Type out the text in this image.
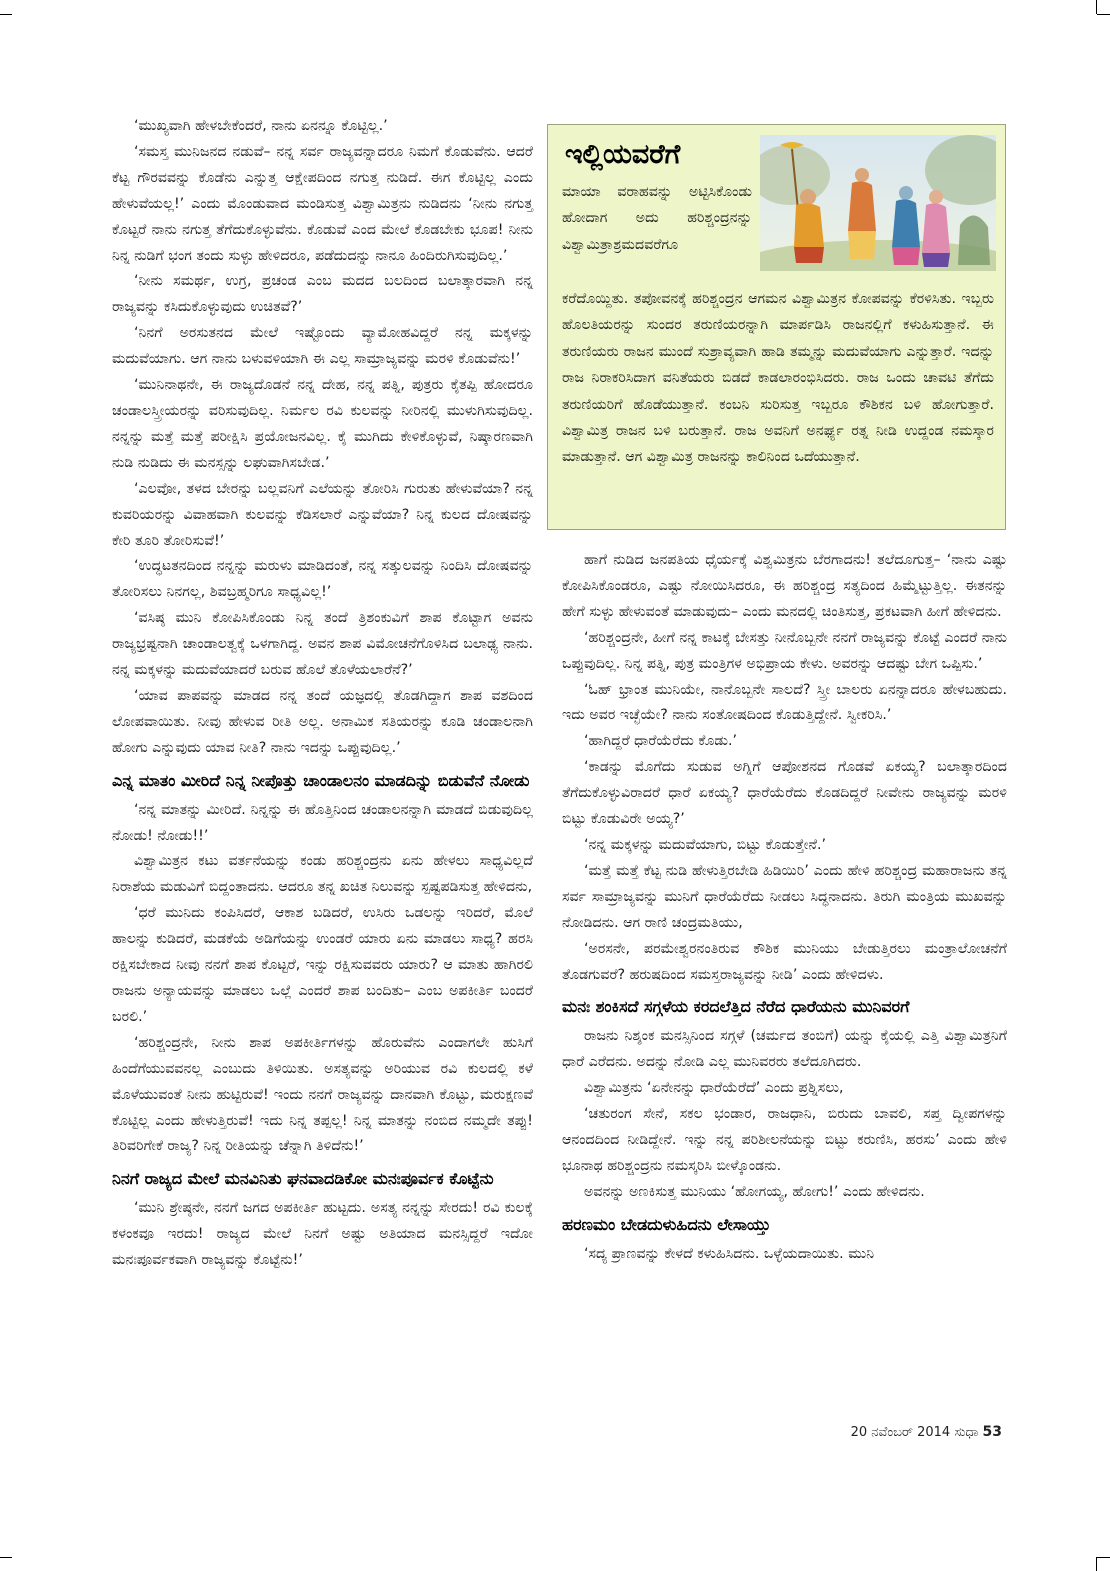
‘ಮುಖ್ಯವಾಗಿ ಹೇಳಬೇಕೆಂದರೆ, ನಾನು ಏನನ್ನೂ ಕೊಟ್ಟಿಲ್ಲ.’

‘ಸಮಸ್ತ ಮುನಿಜನದ ನಡುವೆ– ನನ್ನ ಸರ್ವ ರಾಜ್ಯವನ್ನಾದರೂ ನಿಮಗೆ ಕೊಡುವೆನು. ಆದರೆ ಕೆಟ್ಟ ಗೌರವವನ್ನು ಕೊಡೆನು ಎನ್ನುತ್ತ ಆಕ್ಷೇಪದಿಂದ ನಗುತ್ತ ನುಡಿದೆ. ಈಗ ಕೊಟ್ಟಿಲ್ಲ ಎಂದು ಹೇಳುವೆಯಲ್ಲ!’ ಎಂದು ಮೊಂಡುವಾದ ಮಂಡಿಸುತ್ತ ವಿಶ್ವಾಮಿತ್ರನು ನುಡಿದನು ‘ನೀನು ನಗುತ್ತ ಕೊಟ್ಟರೆ ನಾನು ನಗುತ್ತ ತೆಗೆದುಕೊಳ್ಳುವೆನು. ಕೊಡುವೆ ಎಂದ ಮೇಲೆ ಕೊಡಬೇಕು ಭೂಪ! ನೀನು ನಿನ್ನ ನುಡಿಗೆ ಭಂಗ ತಂದು ಸುಳ್ಳು ಹೇಳಿದರೂ, ಪಡೆದುದನ್ನು ನಾನೂ ಹಿಂದಿರುಗಿಸುವುದಿಲ್ಲ.’

‘ನೀನು ಸಮರ್ಥ, ಉಗ್ರ, ಪ್ರಚಂಡ ಎಂಬ ಮದದ ಬಲದಿಂದ ಬಲಾತ್ಕಾರವಾಗಿ ನನ್ನ ರಾಜ್ಯವನ್ನು ಕಸಿದುಕೊಳ್ಳುವುದು ಉಚಿತವೆ?’

‘ನಿನಗೆ ಅರಸುತನದ ಮೇಲೆ ಇಷ್ಟೊಂದು ವ್ಯಾಮೋಹವಿದ್ದರೆ ನನ್ನ ಮಕ್ಕಳನ್ನು ಮದುವೆಯಾಗು. ಆಗ ನಾನು ಬಳುವಳಿಯಾಗಿ ಈ ಎಲ್ಲ ಸಾಮ್ರಾಜ್ಯವನ್ನು ಮರಳಿ ಕೊಡುವೆನು!’

‘ಮುನಿನಾಥನೇ, ಈ ರಾಜ್ಯದೊಡನೆ ನನ್ನ ದೇಹ, ನನ್ನ ಪತ್ನಿ, ಪುತ್ರರು ಕೈತಪ್ಪಿ ಹೋದರೂ ಚಂಡಾಲಸ್ತ್ರೀಯರನ್ನು ವರಿಸುವುದಿಲ್ಲ. ನಿರ್ಮಲ ರವಿ ಕುಲವನ್ನು ನೀರಿನಲ್ಲಿ ಮುಳುಗಿಸುವುದಿಲ್ಲ. ನನ್ನನ್ನು ಮತ್ತೆ ಮತ್ತೆ ಪರೀಕ್ಷಿಸಿ ಪ್ರಯೋಜನವಿಲ್ಲ. ಕೈ ಮುಗಿದು ಕೇಳಿಕೊಳ್ಳುವೆ, ನಿಷ್ಕಾರಣವಾಗಿ ನುಡಿ ನುಡಿದು ಈ ಮನಸ್ಸನ್ನು ಲಘುವಾಗಿಸಬೇಡ.’

‘ಎಲವೋ, ತಳದ ಬೇರನ್ನು ಬಲ್ಲವನಿಗೆ ಎಲೆಯನ್ನು ತೋರಿಸಿ ಗುರುತು ಹೇಳುವೆಯಾ? ನನ್ನ ಕುವರಿಯರನ್ನು ವಿವಾಹವಾಗಿ ಕುಲವನ್ನು ಕೆಡಿಸಲಾರೆ ಎನ್ನುವೆಯಾ? ನಿನ್ನ ಕುಲದ ದೋಷವನ್ನು ಕೇರಿ ತೂರಿ ತೋರಿಸುವೆ!’

‘ಉದ್ಧಟತನದಿಂದ ನನ್ನನ್ನು ಮರುಳು ಮಾಡಿದಂತೆ, ನನ್ನ ಸತ್ಕುಲವನ್ನು ನಿಂದಿಸಿ ದೋಷವನ್ನು ತೋರಿಸಲು ನಿನಗಲ್ಲ, ಶಿವಬ್ರಹ್ಮರಿಗೂ ಸಾಧ್ಯವಿಲ್ಲ!’

‘ವಸಿಷ್ಠ ಮುನಿ ಕೋಪಿಸಿಕೊಂಡು ನಿನ್ನ ತಂದೆ ತ್ರಿಶಂಕುವಿಗೆ ಶಾಪ ಕೊಟ್ಟಾಗ ಅವನು ರಾಜ್ಯಭ್ರಷ್ಟನಾಗಿ ಚಾಂಡಾಲತ್ವಕ್ಕೆ ಒಳಗಾಗಿದ್ದ. ಅವನ ಶಾಪ ವಿಮೋಚನೆಗೊಳಿಸಿದ ಬಲಾಢ್ಯ ನಾನು. ನನ್ನ ಮಕ್ಕಳನ್ನು ಮದುವೆಯಾದರೆ ಬರುವ ಹೊಲೆ ತೊಳೆಯಲಾರೆನೆ?’

‘ಯಾವ ಪಾಪವನ್ನು ಮಾಡದ ನನ್ನ ತಂದೆ ಯಜ್ಞದಲ್ಲಿ ತೊಡಗಿದ್ದಾಗ ಶಾಪ ವಶದಿಂದ ಲೋಪವಾಯಿತು. ನೀವು ಹೇಳುವ ರೀತಿ ಅಲ್ಲ. ಅನಾಮಿಕ ಸತಿಯರನ್ನು ಕೂಡಿ ಚಂಡಾಲನಾಗಿ ಹೋಗು ಎನ್ನುವುದು ಯಾವ ನೀತಿ? ನಾನು ಇದನ್ನು ಒಪ್ಪುವುದಿಲ್ಲ.’

ಎನ್ನ ಮಾತಂ ಮೀರಿದೆ ನಿನ್ನ ನೀಪೊತ್ತು ಚಾಂಡಾಲನಂ ಮಾಡದಿನ್ನು ಬಿಡುವೆನೆ ನೋಡು

‘ನನ್ನ ಮಾತನ್ನು ಮೀರಿದೆ. ನಿನ್ನನ್ನು ಈ ಹೊತ್ತಿನಿಂದ ಚಂಡಾಲನನ್ನಾಗಿ ಮಾಡದೆ ಬಿಡುವುದಿಲ್ಲ ನೋಡು! ನೋಡು!!’

ವಿಶ್ವಾಮಿತ್ರನ ಕಟು ವರ್ತನೆಯನ್ನು ಕಂಡು ಹರಿಶ್ಚಂದ್ರನು ಏನು ಹೇಳಲು ಸಾಧ್ಯವಿಲ್ಲದೆ ನಿರಾಶೆಯ ಮಡುವಿಗೆ ಬಿದ್ದಂತಾದನು. ಆದರೂ ತನ್ನ ಖಚಿತ ನಿಲುವನ್ನು ಸ್ಪಷ್ಟಪಡಿಸುತ್ತ ಹೇಳಿದನು,

‘ಧರೆ ಮುನಿದು ಕಂಪಿಸಿದರೆ, ಆಕಾಶ ಬಡಿದರೆ, ಉಸಿರು ಒಡಲನ್ನು ಇರಿದರೆ, ಮೊಲೆ ಹಾಲನ್ನು ಕುಡಿದರೆ, ಮಡಕೆಯೆ ಅಡಿಗೆಯನ್ನು ಉಂಡರೆ ಯಾರು ಏನು ಮಾಡಲು ಸಾಧ್ಯ? ಹರಸಿ ರಕ್ಷಿಸಬೇಕಾದ ನೀವು ನನಗೆ ಶಾಪ ಕೊಟ್ಟರೆ, ಇನ್ನು ರಕ್ಷಿಸುವವರು ಯಾರು? ಆ ಮಾತು ಹಾಗಿರಲಿ ರಾಜನು ಅನ್ಯಾಯವನ್ನು ಮಾಡಲು ಒಲ್ಲೆ ಎಂದರೆ ಶಾಪ ಬಂದಿತು– ಎಂಬ ಅಪಕೀರ್ತಿ ಬಂದರೆ ಬರಲಿ.’

‘ಹರಿಶ್ಚಂದ್ರನೇ, ನೀನು ಶಾಪ ಅಪಕೀರ್ತಿಗಳನ್ನು ಹೊರುವೆನು ಎಂದಾಗಲೇ ಹುಸಿಗೆ ಹಿಂದೆಗೆಯುವವನಲ್ಲ ಎಂಬುದು ತಿಳಿಯಿತು. ಅಸತ್ಯವನ್ನು ಅರಿಯುವ ರವಿ ಕುಲದಲ್ಲಿ ಕಳೆ ಮೊಳೆಯುವಂತೆ ನೀನು ಹುಟ್ಟಿರುವೆ! ಇಂದು ನನಗೆ ರಾಜ್ಯವನ್ನು ದಾನವಾಗಿ ಕೊಟ್ಟು, ಮರುಕ್ಷಣವೆ ಕೊಟ್ಟಿಲ್ಲ ಎಂದು ಹೇಳುತ್ತಿರುವೆ! ಇದು ನಿನ್ನ ತಪ್ಪಲ್ಲ! ನಿನ್ನ ಮಾತನ್ನು ನಂಬಿದ ನಮ್ಮದೇ ತಪ್ಪು! ತಿರಿವರಿಗೇಕೆ ರಾಜ್ಯ? ನಿನ್ನ ರೀತಿಯನ್ನು ಚೆನ್ನಾಗಿ ತಿಳಿದೆನು!’

ನಿನಗೆ ರಾಜ್ಯದ ಮೇಲೆ ಮನವಿನಿತು ಘನವಾದಡಿಕೋ ಮನಃಪೂರ್ವಕ ಕೊಟ್ಟೆನು

‘ಮುನಿ ಶ್ರೇಷ್ಠನೇ, ನನಗೆ ಜಗದ ಅಪಕೀರ್ತಿ ಹುಟ್ಟದು. ಅಸತ್ಯ ನನ್ನನ್ನು ಸೇರದು! ರವಿ ಕುಲಕ್ಕೆ ಕಳಂಕವೂ ಇರದು! ರಾಜ್ಯದ ಮೇಲೆ ನಿನಗೆ ಅಷ್ಟು ಅತಿಯಾದ ಮನಸ್ಸಿದ್ದರೆ ಇದೋ ಮನಃಪೂರ್ವಕವಾಗಿ ರಾಜ್ಯವನ್ನು ಕೊಟ್ಟೆನು!’

ಇಲ್ಲಿಯವರೆಗೆ

ಮಾಯಾ ವರಾಹವನ್ನು ಅಟ್ಟಿಸಿಕೊಂಡು ಹೋದಾಗ ಅದು ಹರಿಶ್ಚಂದ್ರನನ್ನು ವಿಶ್ವಾಮಿತ್ರಾಶ್ರಮದವರೆಗೂ

ಕರೆದೊಯ್ದಿತು. ತಪೋವನಕ್ಕೆ ಹರಿಶ್ಚಂದ್ರನ ಆಗಮನ ವಿಶ್ವಾಮಿತ್ರನ ಕೋಪವನ್ನು ಕೆರಳಿಸಿತು. ಇಬ್ಬರು ಹೊಲತಿಯರನ್ನು ಸುಂದರ ತರುಣಿಯರನ್ನಾಗಿ ಮಾರ್ಪಡಿಸಿ ರಾಜನಲ್ಲಿಗೆ ಕಳುಹಿಸುತ್ತಾನೆ. ಈ ತರುಣಿಯರು ರಾಜನ ಮುಂದೆ ಸುಶ್ರಾವ್ಯವಾಗಿ ಹಾಡಿ ತಮ್ಮನ್ನು ಮದುವೆಯಾಗು ಎನ್ನುತ್ತಾರೆ. ಇದನ್ನು ರಾಜ ನಿರಾಕರಿಸಿದಾಗ ವನಿತೆಯರು ಬಿಡದೆ ಕಾಡಲಾರಂಭಿಸಿದರು. ರಾಜ ಒಂದು ಚಾವಟಿ ತೆಗೆದು ತರುಣಿಯರಿಗೆ ಹೊಡೆಯುತ್ತಾನೆ. ಕಂಬನಿ ಸುರಿಸುತ್ತ ಇಬ್ಬರೂ ಕೌಶಿಕನ ಬಳಿ ಹೋಗುತ್ತಾರೆ. ವಿಶ್ವಾಮಿತ್ರ ರಾಜನ ಬಳಿ ಬರುತ್ತಾನೆ. ರಾಜ ಅವನಿಗೆ ಅನರ್ಘ್ಯ ರತ್ನ ನೀಡಿ ಉದ್ದಂಡ ನಮಸ್ಕಾರ ಮಾಡುತ್ತಾನೆ. ಆಗ ವಿಶ್ವಾಮಿತ್ರ ರಾಜನನ್ನು ಕಾಲಿನಿಂದ ಒದೆಯುತ್ತಾನೆ.

ಹಾಗೆ ನುಡಿದ ಜನಪತಿಯ ಧೈರ್ಯಕ್ಕೆ ವಿಶ್ವಮಿತ್ರನು ಬೆರಗಾದನು! ತಲೆದೂಗುತ್ತ– ‘ನಾನು ಎಷ್ಟು ಕೋಪಿಸಿಕೊಂಡರೂ, ಎಷ್ಟು ನೋಯಿಸಿದರೂ, ಈ ಹರಿಶ್ಚಂದ್ರ ಸತ್ಯದಿಂದ ಹಿಮ್ಮೆಟ್ಟುತ್ತಿಲ್ಲ. ಈತನನ್ನು ಹೇಗೆ ಸುಳ್ಳು ಹೇಳುವಂತೆ ಮಾಡುವುದು– ಎಂದು ಮನದಲ್ಲಿ ಚಿಂತಿಸುತ್ತ, ಪ್ರಕಟವಾಗಿ ಹೀಗೆ ಹೇಳಿದನು.

‘ಹರಿಶ್ಚಂದ್ರನೇ, ಹೀಗೆ ನನ್ನ ಕಾಟಕ್ಕೆ ಬೇಸತ್ತು ನೀನೊಬ್ಬನೇ ನನಗೆ ರಾಜ್ಯವನ್ನು ಕೊಟ್ಟೆ ಎಂದರೆ ನಾನು ಒಪ್ಪುವುದಿಲ್ಲ. ನಿನ್ನ ಪತ್ನಿ, ಪುತ್ರ ಮಂತ್ರಿಗಳ ಅಭಿಪ್ರಾಯ ಕೇಳು. ಅವರನ್ನು ಆದಷ್ಟು ಬೇಗ ಒಪ್ಪಿಸು.’

‘ಓಹ್ ಭ್ರಾಂತ ಮುನಿಯೇ, ನಾನೊಬ್ಬನೇ ಸಾಲದೆ? ಸ್ತ್ರೀ ಬಾಲರು ಏನನ್ನಾದರೂ ಹೇಳಬಹುದು. ಇದು ಅವರ ಇಚ್ಛೆಯೇ? ನಾನು ಸಂತೋಷದಿಂದ ಕೊಡುತ್ತಿದ್ದೇನೆ. ಸ್ವೀಕರಿಸಿ.’

‘ಹಾಗಿದ್ದರೆ ಧಾರೆಯೆರೆದು ಕೊಡು.’

‘ಕಾಡನ್ನು ಮೊಗೆದು ಸುಡುವ ಅಗ್ನಿಗೆ ಆಪೋಶನದ ಗೊಡವೆ ಏಕಯ್ಯ? ಬಲಾತ್ಕಾರದಿಂದ ತೆಗೆದುಕೊಳ್ಳುವಿರಾದರೆ ಧಾರೆ ಏಕಯ್ಯ? ಧಾರೆಯೆರೆದು ಕೊಡದಿದ್ದರೆ ನೀವೇನು ರಾಜ್ಯವನ್ನು ಮರಳಿ ಬಿಟ್ಟು ಕೊಡುವಿರೇ ಅಯ್ಯ?’

‘ನನ್ನ ಮಕ್ಕಳನ್ನು ಮದುವೆಯಾಗು, ಬಿಟ್ಟು ಕೊಡುತ್ತೇನೆ.’

‘ಮತ್ತೆ ಮತ್ತೆ ಕೆಟ್ಟ ನುಡಿ ಹೇಳುತ್ತಿರಬೇಡಿ ಹಿಡಿಯಿರಿ’ ಎಂದು ಹೇಳಿ ಹರಿಶ್ಚಂದ್ರ ಮಹಾರಾಜನು ತನ್ನ ಸರ್ವ ಸಾಮ್ರಾಜ್ಯವನ್ನು ಮುನಿಗೆ ಧಾರೆಯೆರೆದು ನೀಡಲು ಸಿದ್ಧನಾದನು. ತಿರುಗಿ ಮಂತ್ರಿಯ ಮುಖವನ್ನು ನೋಡಿದನು. ಆಗ ರಾಣಿ ಚಂದ್ರಮತಿಯು,

‘ಅರಸನೇ, ಪರಮೇಶ್ವರನಂತಿರುವ ಕೌಶಿಕ ಮುನಿಯು ಬೇಡುತ್ತಿರಲು ಮಂತ್ರಾಲೋಚನೆಗೆ ತೊಡಗುವರೆ? ಹರುಷದಿಂದ ಸಮಸ್ತರಾಜ್ಯವನ್ನು ನೀಡಿ’ ಎಂದು ಹೇಳಿದಳು.

ಮನಃ ಶಂಕಿಸದೆ ಸಗ್ಗಳೆಯ ಕರದಲೆತ್ತಿದ ನೆರೆದ ಧಾರೆಯನು ಮುನಿವರಗೆ

ರಾಜನು ನಿಶ್ಶಂಕ ಮನಸ್ಸಿನಿಂದ ಸಗ್ಗಳೆ (ಚರ್ಮದ ತಂಬಿಗೆ) ಯನ್ನು ಕೈಯಲ್ಲಿ ಎತ್ತಿ ವಿಶ್ವಾಮಿತ್ರನಿಗೆ ಧಾರೆ ಎರೆದನು. ಅದನ್ನು ನೋಡಿ ಎಲ್ಲ ಮುನಿವರರು ತಲೆದೂಗಿದರು.

ವಿಶ್ವಾಮಿತ್ರನು ‘ಏನೇನನ್ನು ಧಾರೆಯೆರೆದೆ’ ಎಂದು ಪ್ರಶ್ನಿಸಲು,

‘ಚತುರಂಗ ಸೇನೆ, ಸಕಲ ಭಂಡಾರ, ರಾಜಧಾನಿ, ಬಿರುದು ಬಾವಲಿ, ಸಪ್ತ ದ್ವೀಪಗಳನ್ನು ಆನಂದದಿಂದ ನೀಡಿದ್ದೇನೆ. ಇನ್ನು ನನ್ನ ಪರಿಶೀಲನೆಯನ್ನು ಬಿಟ್ಟು ಕರುಣಿಸಿ, ಹರಸು’ ಎಂದು ಹೇಳಿ ಭೂನಾಥ ಹರಿಶ್ಚಂದ್ರನು ನಮಸ್ಕರಿಸಿ ಬೀಳ್ಕೊಂಡನು.

ಅವನನ್ನು ಅಣಕಿಸುತ್ತ ಮುನಿಯು ‘ಹೋಗಯ್ಯ, ಹೋಗು!’ ಎಂದು ಹೇಳಿದನು.

ಹರಣಮಂ ಬೇಡದುಳುಹಿದನು ಲೇಸಾಯ್ತು

‘ಸದ್ಯ ಪ್ರಾಣವನ್ನು ಕೇಳದೆ ಕಳುಹಿಸಿದನು. ಒಳ್ಳೆಯದಾಯಿತು. ಮುನಿ

20 ನವೆಂಬರ್ 2014 ಸುಧಾ 53
